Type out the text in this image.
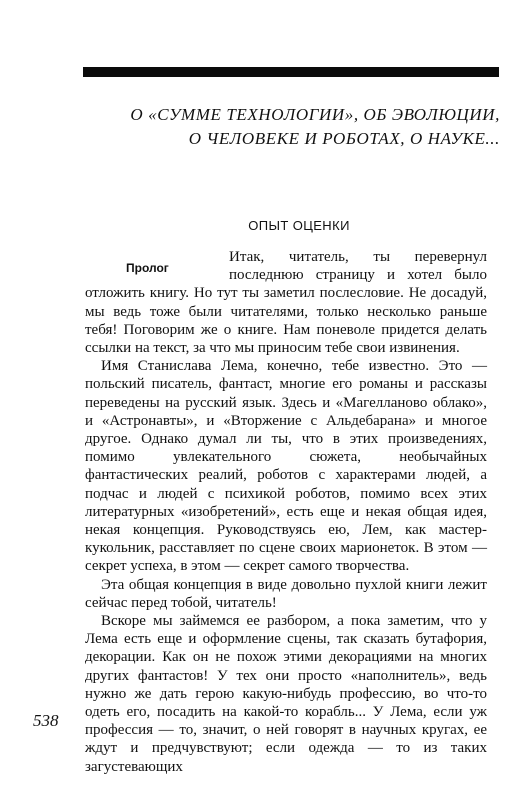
О «СУММЕ ТЕХНОЛОГИИ», ОБ ЭВОЛЮЦИИ,
О ЧЕЛОВЕКЕ И РОБОТАХ, О НАУКЕ...
ОПЫТ ОЦЕНКИ
Пролог

Итак, читатель, ты перевернул последнюю страницу и хотел было отложить книгу. Но тут ты заметил послесловие. Не досадуй, мы ведь тоже были читателями, только несколько раньше тебя! Поговорим же о книге. Нам поневоле придется делать ссылки на текст, за что мы приносим тебе свои извинения.

Имя Станислава Лема, конечно, тебе известно. Это — польский писатель, фантаст, многие его романы и рассказы переведены на русский язык. Здесь и «Магелланово облако», и «Астронавты», и «Вторжение с Альдебарана» и многое другое. Однако думал ли ты, что в этих произведениях, помимо увлекательного сюжета, необычайных фантастических реалий, роботов с характерами людей, а подчас и людей с психикой роботов, помимо всех этих литературных «изобретений», есть еще и некая общая идея, некая концепция. Руководствуясь ею, Лем, как мастер-кукольник, расставляет по сцене своих марионеток. В этом — секрет успеха, в этом — секрет самого творчества.

Эта общая концепция в виде довольно пухлой книги лежит сейчас перед тобой, читатель!

Вскоре мы займемся ее разбором, а пока заметим, что у Лема есть еще и оформление сцены, так сказать бутафория, декорации. Как он не похож этими декорациями на многих других фантастов! У тех они просто «наполнитель», ведь нужно же дать герою какую-нибудь профессию, во что-то одеть его, посадить на какой-то корабль... У Лема, если уж профессия — то, значит, о ней говорят в научных кругах, ее ждут и предчувствуют; если одежда — то из таких загустевающих

538
